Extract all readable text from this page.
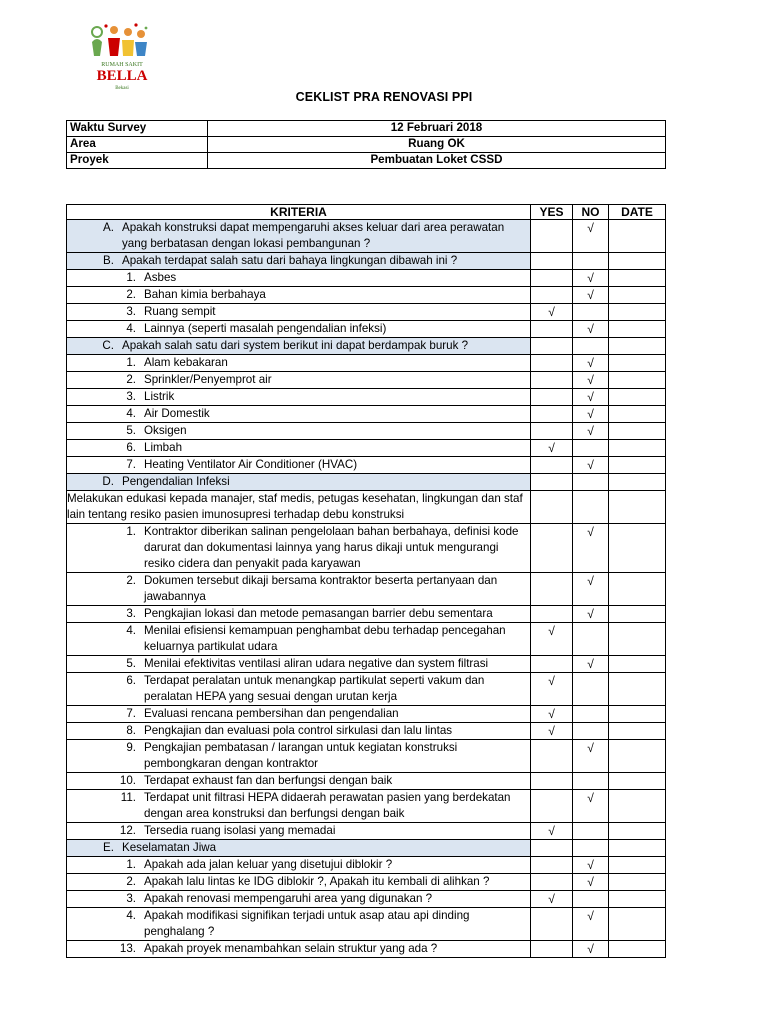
RUMAH SAKIT
BELLA
Bekasi
CEKLIST PRA RENOVASI PPI
Waktu Survey	12 Februari 2018
Area	Ruang OK
Proyek	Pembuatan Loket CSSD
KRITERIA	YES	NO	DATE

A. Apakah konstruksi dapat mempengaruhi akses keluar dari area perawatan yang berbatasan dengan lokasi pembangunan ?		√	

B. Apakah terdapat salah satu dari bahaya lingkungan dibawah ini ?			

1. Asbes		√	

2. Bahan kimia berbahaya		√	

3. Ruang sempit	√		

4. Lainnya (seperti masalah pengendalian infeksi)		√	

C. Apakah salah satu dari system berikut ini dapat berdampak buruk ?			

1. Alam kebakaran		√	

2. Sprinkler/Penyemprot air		√	

3. Listrik		√	

4. Air Domestik		√	

5. Oksigen		√	

6. Limbah	√		

7. Heating Ventilator Air Conditioner (HVAC)		√	

D. Pengendalian Infeksi			

Melakukan edukasi kepada manajer, staf medis, petugas kesehatan, lingkungan dan staf lain tentang resiko pasien imunosupresi terhadap debu konstruksi			

1. Kontraktor diberikan salinan pengelolaan bahan berbahaya, definisi kode darurat dan dokumentasi lainnya yang harus dikaji untuk mengurangi resiko cidera dan penyakit pada karyawan		√	

2. Dokumen tersebut dikaji bersama kontraktor beserta pertanyaan dan jawabannya		√	

3. Pengkajian lokasi dan metode pemasangan barrier debu sementara		√	

4. Menilai efisiensi kemampuan penghambat debu terhadap pencegahan keluarnya partikulat udara	√		

5. Menilai efektivitas ventilasi aliran udara negative dan system filtrasi		√	

6. Terdapat peralatan untuk menangkap partikulat seperti vakum dan peralatan HEPA yang sesuai dengan urutan kerja	√		

7. Evaluasi rencana pembersihan dan pengendalian	√		

8. Pengkajian dan evaluasi pola control sirkulasi dan lalu lintas	√		

9. Pengkajian pembatasan / larangan untuk kegiatan konstruksi pembongkaran dengan kontraktor		√	

10. Terdapat exhaust fan dan berfungsi dengan baik			

11. Terdapat unit filtrasi HEPA didaerah perawatan pasien yang berdekatan dengan area konstruksi dan berfungsi dengan baik		√	

12. Tersedia ruang isolasi yang memadai	√		

E. Keselamatan Jiwa			

1. Apakah ada jalan keluar yang disetujui diblokir ?		√	

2. Apakah lalu lintas ke IDG diblokir ?, Apakah itu kembali di alihkan ?		√	

3. Apakah renovasi mempengaruhi area yang digunakan ?	√		

4. Apakah modifikasi signifikan terjadi untuk asap atau api dinding penghalang ?		√	

13. Apakah proyek menambahkan selain struktur yang ada ?		√	
